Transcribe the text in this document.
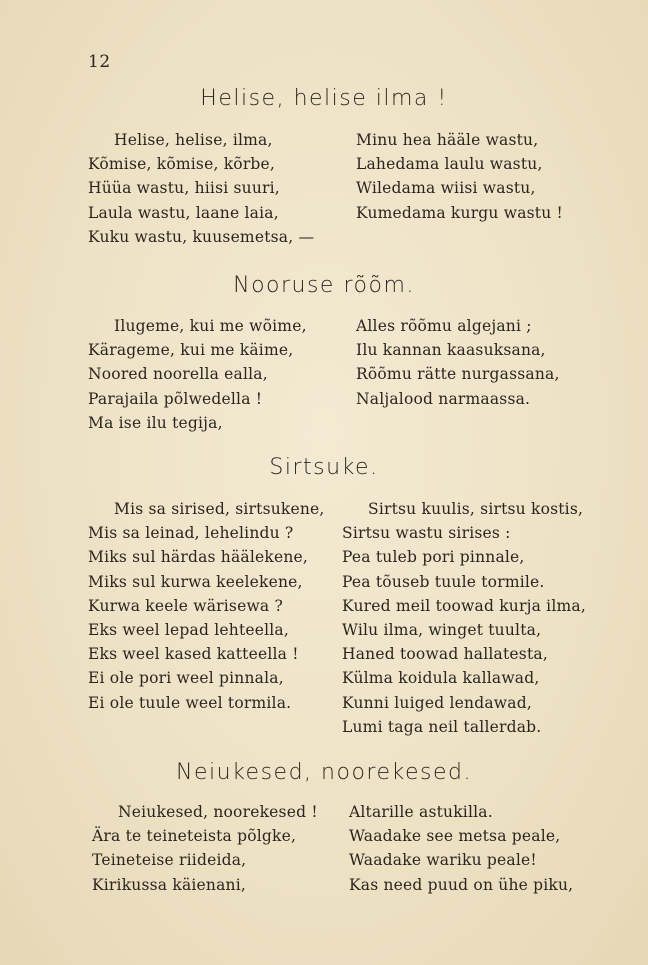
12
Helise, helise ilma !
Helise, helise, ilma,
Kõmise, kõmise, kõrbe,
Hüüa wastu, hiisi suuri,
Laula wastu, laane laia,
Kuku wastu, kuusemetsa, —
Minu hea hääle wastu,
Lahedama laulu wastu,
Wiledama wiisi wastu,
Kumedama kurgu wastu !
Nooruse rõõm.
Ilugeme, kui me wõime,
Kärageme, kui me käime,
Noored noorella ealla,
Parajaila põlwedella !
Ma ise ilu tegija,
Alles rõõmu algejani ;
Ilu kannan kaasuksana,
Rõõmu rätte nurgassana,
Naljalood narmaassa.
Sirtsuke.
Mis sa sirised, sirtsukene,
Mis sa leinad, lehelindu ?
Miks sul härdas häälekene,
Miks sul kurwa keelekene,
Kurwa keele wärisewa ?
Eks weel lepad lehteella,
Eks weel kased katteella !
Ei ole pori weel pinnala,
Ei ole tuule weel tormila.
Sirtsu kuulis, sirtsu kostis,
Sirtsu wastu sirises :
Pea tuleb pori pinnale,
Pea tõuseb tuule tormile.
Kured meil toowad kurja ilma,
Wilu ilma, winget tuulta,
Haned toowad hallatesta,
Külma koidula kallawad,
Kunni luiged lendawad,
Lumi taga neil tallerdab.
Neiukesed, noorekesed.
Neiukesed, noorekesed !
Ära te teineteista põlgke,
Teineteise riideida,
Kirikussa käienani,
Altarille astukilla.
Waadake see metsa peale,
Waadake wariku peale!
Kas need puud on ühe piku,
